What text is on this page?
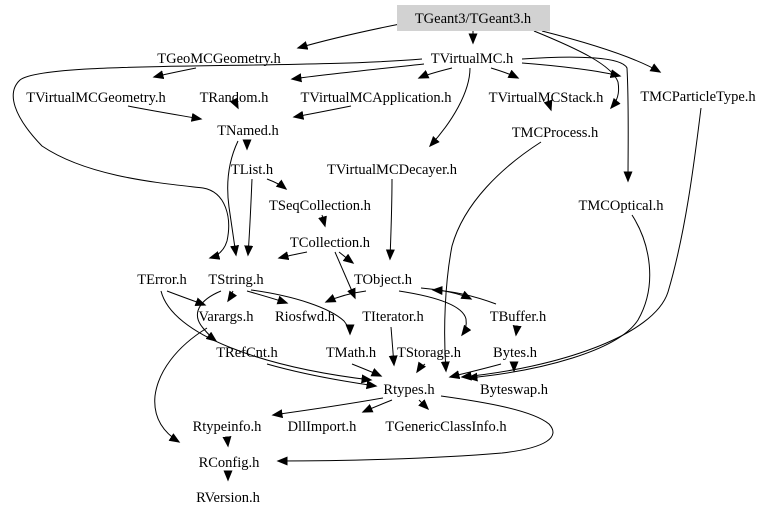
TGeant3/TGeant3.h
TGeoMCGeometry.h	TVirtualMC.h
TVirtualMCGeometry.h TRandom.h TVirtualMCApplication.h	TVirtualMCStack.h	TMCParticleType.h
TNamed.h	TMCProcess.h
TList.h	TVirtualMCDecayer.h
TSeqCollection.h	TMCOptical.h
TCollection.h
TError.h TString.h	TObject.h
Varargs.h Riosfwd.h TIterator.h	TBuffer.h
TRefCnt.h	TMath.h TStorage.h Bytes.h
Rtypes.h	Byteswap.h
Rtypeinfo.h DllImport.h TGenericClassInfo.h
RConfig.h
RVersion.h
